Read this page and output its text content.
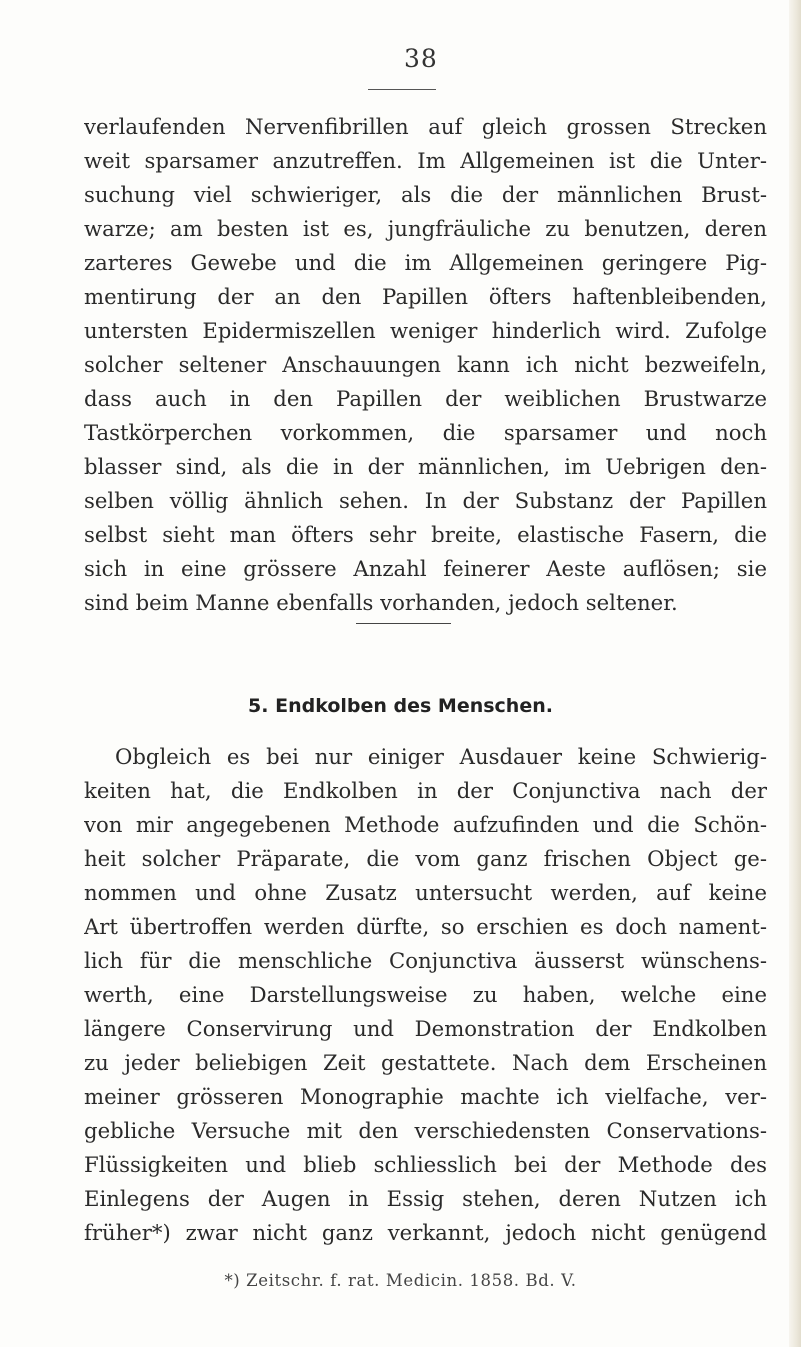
38
verlaufenden Nervenfibrillen auf gleich grossen Strecken
weit sparsamer anzutreffen. Im Allgemeinen ist die Unter-
suchung viel schwieriger, als die der männlichen Brust-
warze; am besten ist es, jungfräuliche zu benutzen, deren
zarteres Gewebe und die im Allgemeinen geringere Pig-
mentirung der an den Papillen öfters haftenbleibenden,
untersten Epidermiszellen weniger hinderlich wird. Zufolge
solcher seltener Anschauungen kann ich nicht bezweifeln,
dass auch in den Papillen der weiblichen Brustwarze
Tastkörperchen vorkommen, die sparsamer und noch
blasser sind, als die in der männlichen, im Uebrigen den-
selben völlig ähnlich sehen. In der Substanz der Papillen
selbst sieht man öfters sehr breite, elastische Fasern, die
sich in eine grössere Anzahl feinerer Aeste auflösen; sie
sind beim Manne ebenfalls vorhanden, jedoch seltener.
5. Endkolben des Menschen.
Obgleich es bei nur einiger Ausdauer keine Schwierig-
keiten hat, die Endkolben in der Conjunctiva nach der
von mir angegebenen Methode aufzufinden und die Schön-
heit solcher Präparate, die vom ganz frischen Object ge-
nommen und ohne Zusatz untersucht werden, auf keine
Art übertroffen werden dürfte, so erschien es doch nament-
lich für die menschliche Conjunctiva äusserst wünschens-
werth, eine Darstellungsweise zu haben, welche eine
längere Conservirung und Demonstration der Endkolben
zu jeder beliebigen Zeit gestattete. Nach dem Erscheinen
meiner grösseren Monographie machte ich vielfache, ver-
gebliche Versuche mit den verschiedensten Conservations-
Flüssigkeiten und blieb schliesslich bei der Methode des
Einlegens der Augen in Essig stehen, deren Nutzen ich
früher*) zwar nicht ganz verkannt, jedoch nicht genügend
*) Zeitschr. f. rat. Medicin. 1858. Bd. V.
